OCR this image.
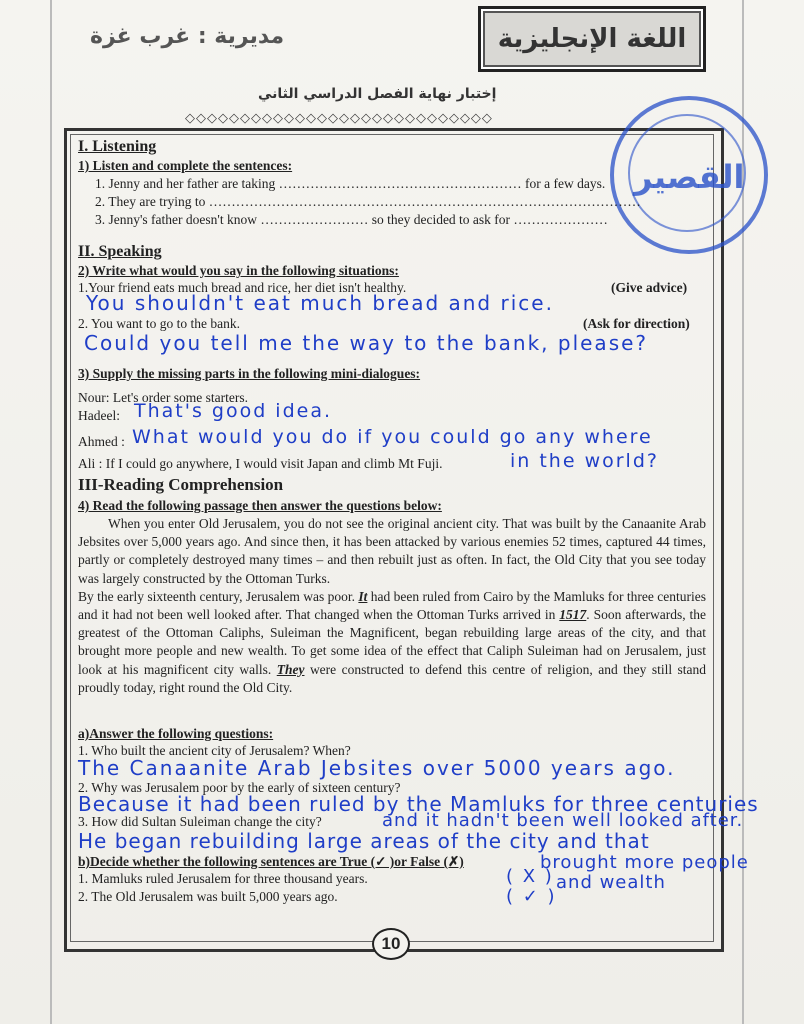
اللغة الإنجليزية
مديرية : غرب غزة
إختبار نهاية الفصل الدراسي الثاني
◇◇◇◇◇◇◇◇◇◇◇◇◇◇◇◇◇◇◇◇◇◇◇◇◇◇◇◇
القصير
I. Listening
1) Listen and complete the sentences:
1. Jenny and her father are taking ……………………………………………… for a few days.
2. They are trying to ……………………………………………………………………………………
3. Jenny's father doesn't know …………………… so they decided to ask for …………………
II. Speaking
2) Write what would you say in the following situations:
1.Your friend eats much bread and rice, her diet isn't healthy.	(Give advice)
You shouldn't eat much bread and rice.
2. You want to go to the bank.	(Ask for direction)
Could you tell me the way to the bank, please?
3) Supply the missing parts in the following mini-dialogues:
Nour: Let's order some starters.
Hadeel: That's good idea.
Ahmed : What would you do if you could go any where
Ali : If I could go anywhere, I would visit Japan and climb Mt Fuji.	in the world?
III-Reading Comprehension
4) Read the following passage then answer the questions below:

When you enter Old Jerusalem, you do not see the original ancient city. That was built by the Canaanite Arab Jebsites over 5,000 years ago. And since then, it has been attacked by various enemies 52 times, captured 44 times, partly or completely destroyed many times – and then rebuilt just as often. In fact, the Old City that you see today was largely constructed by the Ottoman Turks.

By the early sixteenth century, Jerusalem was poor. It had been ruled from Cairo by the Mamluks for three centuries and it had not been well looked after. That changed when the Ottoman Turks arrived in 1517. Soon afterwards, the greatest of the Ottoman Caliphs, Suleiman the Magnificent, began rebuilding large areas of the city, and that brought more people and new wealth. To get some idea of the effect that Caliph Suleiman had on Jerusalem, just look at his magnificent city walls. They were constructed to defend this centre of religion, and they still stand proudly today, right round the Old City.

a)Answer the following questions:
1. Who built the ancient city of Jerusalem? When?
The Canaanite Arab Jebsites over 5000 years ago.
2. Why was Jerusalem poor by the early of sixteen century?
Because it had been ruled by the Mamluks for three centuries
3. How did Sultan Suleiman change the city?	and it hadn't been well looked after.
He began rebuilding large areas of the city and that
b)Decide whether the following sentences are True (✓ )or False (✗)	brought more people
1. Mamluks ruled Jerusalem for three thousand years.	( X ) and wealth
2. The Old Jerusalem was built 5,000 years ago.	( ✓ )
10
